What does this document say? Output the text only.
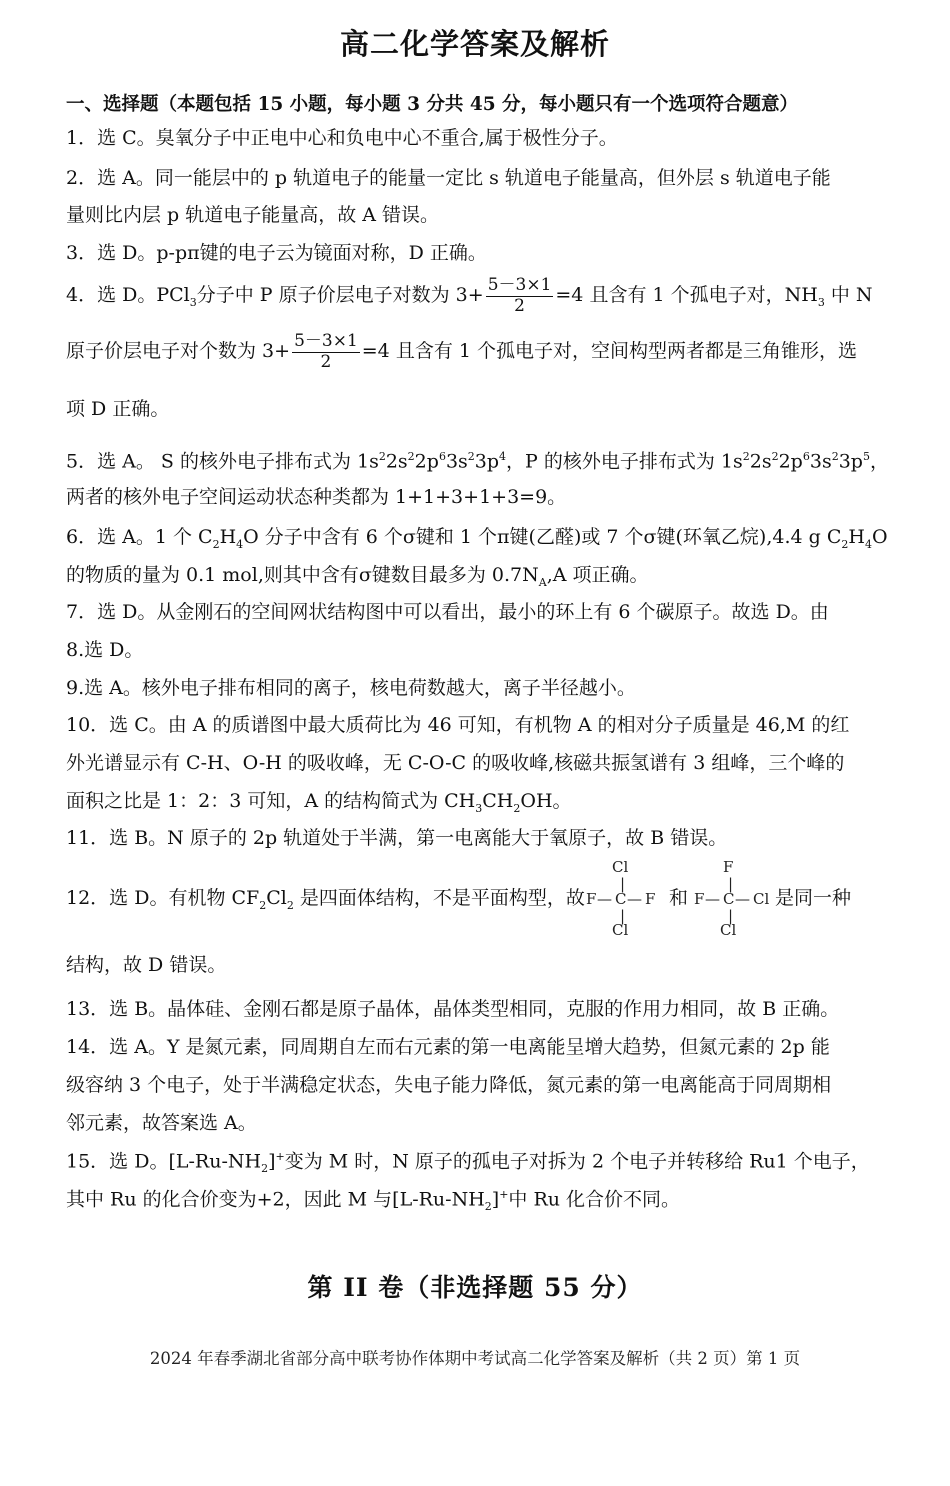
高二化学答案及解析
一、选择题（本题包括 15 小题，每小题 3 分共 45 分，每小题只有一个选项符合题意）
1．选 C。臭氧分子中正电中心和负电中心不重合,属于极性分子。
2．选 A。同一能层中的 p 轨道电子的能量一定比 s 轨道电子能量高，但外层 s 轨道电子能
量则比内层 p 轨道电子能量高，故 A 错误。
3．选 D。p-pπ键的电子云为镜面对称，D 正确。
4．选 D。PCl$_3$分子中 P 原子价层电子对数为 $3+ \frac{5-3\times 1}{2} =4$ 且含有 1 个孤电子对，$NH_3$ 中 N
原子价层电子对个数为 $3+ \frac{5-3\times 1}{2} =4$ 且含有 1 个孤电子对，空间构型两者都是三角锥形，选
项 D 正确。
5．选 A。 S 的核外电子排布式为 $1s^22s^22p^63s^23p^4$，P 的核外电子排布式为 $1s^22s^22p^63s^23p^5$，
两者的核外电子空间运动状态种类都为 1+1+3+1+3=9。
6．选 A。1 个 $C_2H_4O$ 分子中含有 6 个σ键和 1 个π键(乙醛)或 7 个σ键(环氧乙烷),4.4 g $C_2H_4O$
的物质的量为 0.1 mol,则其中含有σ键数目最多为 $0.7N_A,A$ 项正确。
7．选 D。从金刚石的空间网状结构图中可以看出，最小的环上有 6 个碳原子。故选 D。由
8.选 D。
9.选 A。核外电子排布相同的离子，核电荷数越大，离子半径越小。
10．选 C。由 A 的质谱图中最大质荷比为 46 可知，有机物 A 的相对分子质量是 46,M 的红
外光谱显示有 C-H、O-H 的吸收峰，无 C-O-C 的吸收峰,核磁共振氢谱有 3 组峰，三个峰的
面积之比是 1：2：3 可知，A 的结构简式为 $CH_3CH_2OH$。
11．选 B。N 原子的 2p 轨道处于半满，第一电离能大于氧原子，故 B 错误。
12．选 D。有机物 $CF_2Cl_2$ 是四面体结构，不是平面构型，故
Cl
|
F — C — F
|
Cl
和
F
|
F — C — Cl
|
Cl
是同一种
结构，故 D 错误。
13．选 B。晶体硅、金刚石都是原子晶体，晶体类型相同，克服的作用力相同，故 B 正确。
14．选 A。Y 是氮元素，同周期自左而右元素的第一电离能呈增大趋势，但氮元素的 2p 能
级容纳 3 个电子，处于半满稳定状态，失电子能力降低，氮元素的第一电离能高于同周期相
邻元素，故答案选 A。
15．选 D。$[L-Ru-NH_2]^+$变为 M 时，N 原子的孤电子对拆为 2 个电子并转移给 Ru1 个电子，
其中 Ru 的化合价变为+2，因此 M 与$[L-Ru-NH_2]^+$中 Ru 化合价不同。
第 II 卷（非选择题 55 分）
2024 年春季湖北省部分高中联考协作体期中考试高二化学答案及解析（共 2 页）第 1 页
